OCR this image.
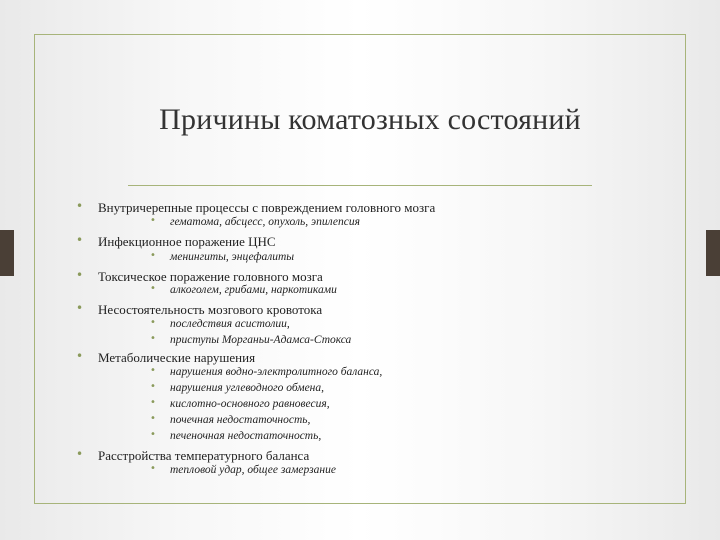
Причины коматозных состояний
• Внутричерепные процессы с повреждением головного мозга
• гематома, абсцесс, опухоль, эпилепсия
• Инфекционное поражение ЦНС
• менингиты, энцефалиты
• Токсическое поражение головного мозга
• алкоголем, грибами, наркотиками
• Несостоятельность мозгового кровотока
• последствия асистолии,
• приступы Морганьи-Адамса-Стокса
• Метаболические нарушения
• нарушения водно-электролитного баланса,
• нарушения углеводного обмена,
• кислотно-основного равновесия,
• почечная недостаточность,
• печеночная недостаточность,
• Расстройства температурного баланса
• тепловой удар, общее замерзание
